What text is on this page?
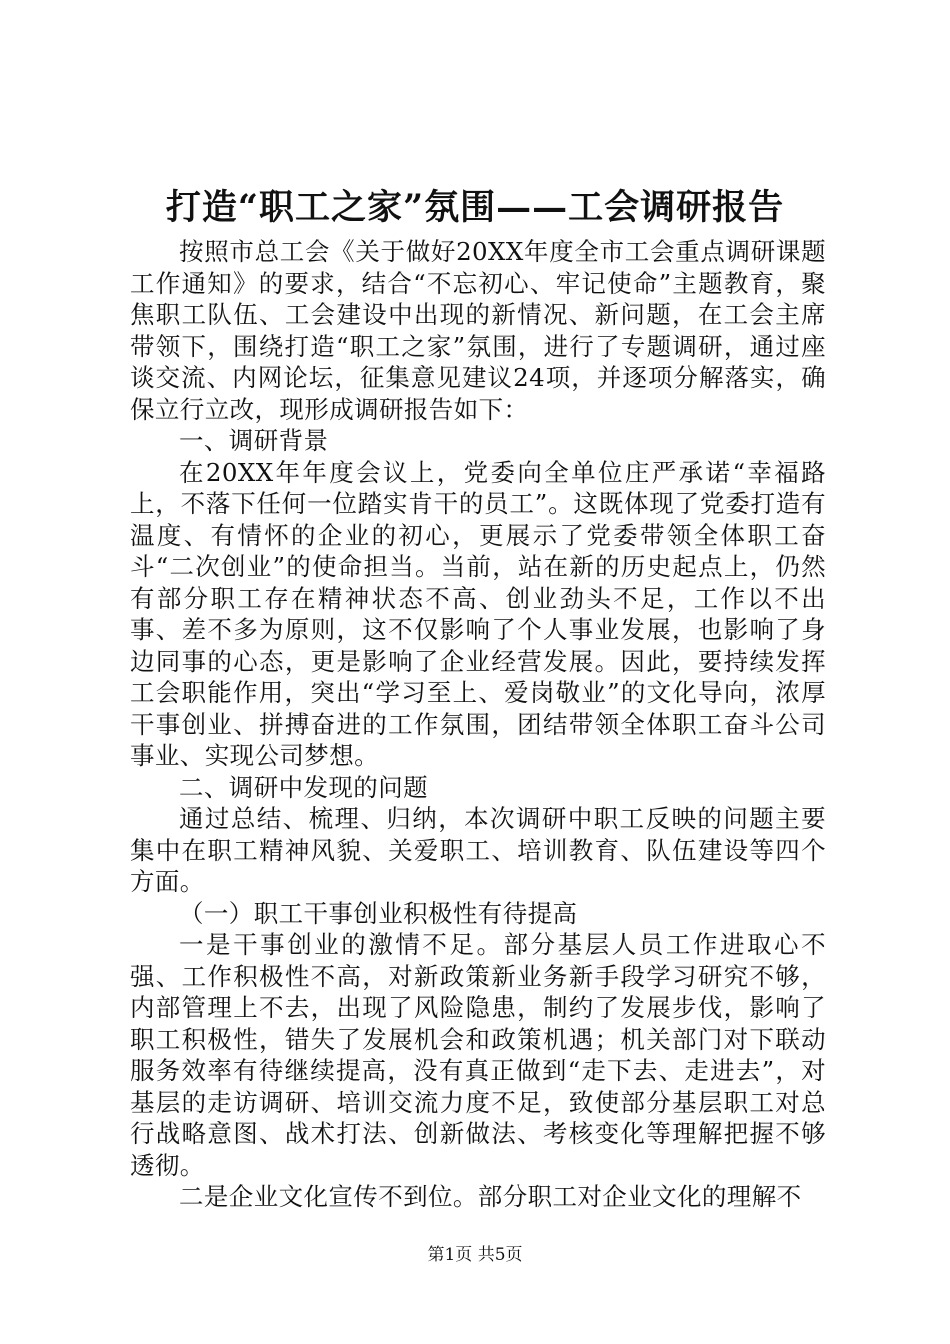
打造“职工之家”氛围——工会调研报告

按照市总工会《关于做好20XX年度全市工会重点调研课题工作通知》的要求，结合“不忘初心、牢记使命”主题教育，聚焦职工队伍、工会建设中出现的新情况、新问题，在工会主席带领下，围绕打造“职工之家”氛围，进行了专题调研，通过座谈交流、内网论坛，征集意见建议24项，并逐项分解落实，确保立行立改，现形成调研报告如下：

一、调研背景

在20XX年年度会议上，党委向全单位庄严承诺“幸福路上，不落下任何一位踏实肯干的员工”。这既体现了党委打造有温度、有情怀的企业的初心，更展示了党委带领全体职工奋斗“二次创业”的使命担当。当前，站在新的历史起点上，仍然有部分职工存在精神状态不高、创业劲头不足，工作以不出事、差不多为原则，这不仅影响了个人事业发展，也影响了身边同事的心态，更是影响了企业经营发展。因此，要持续发挥工会职能作用，突出“学习至上、爱岗敬业”的文化导向，浓厚干事创业、拼搏奋进的工作氛围，团结带领全体职工奋斗公司事业、实现公司梦想。

二、调研中发现的问题

通过总结、梳理、归纳，本次调研中职工反映的问题主要集中在职工精神风貌、关爱职工、培训教育、队伍建设等四个方面。

（一）职工干事创业积极性有待提高

一是干事创业的激情不足。部分基层人员工作进取心不强、工作积极性不高，对新政策新业务新手段学习研究不够，内部管理上不去，出现了风险隐患，制约了发展步伐，影响了职工积极性，错失了发展机会和政策机遇；机关部门对下联动服务效率有待继续提高，没有真正做到“走下去、走进去”，对基层的走访调研、培训交流力度不足，致使部分基层职工对总行战略意图、战术打法、创新做法、考核变化等理解把握不够透彻。

二是企业文化宣传不到位。部分职工对企业文化的理解不

第1页 共5页
